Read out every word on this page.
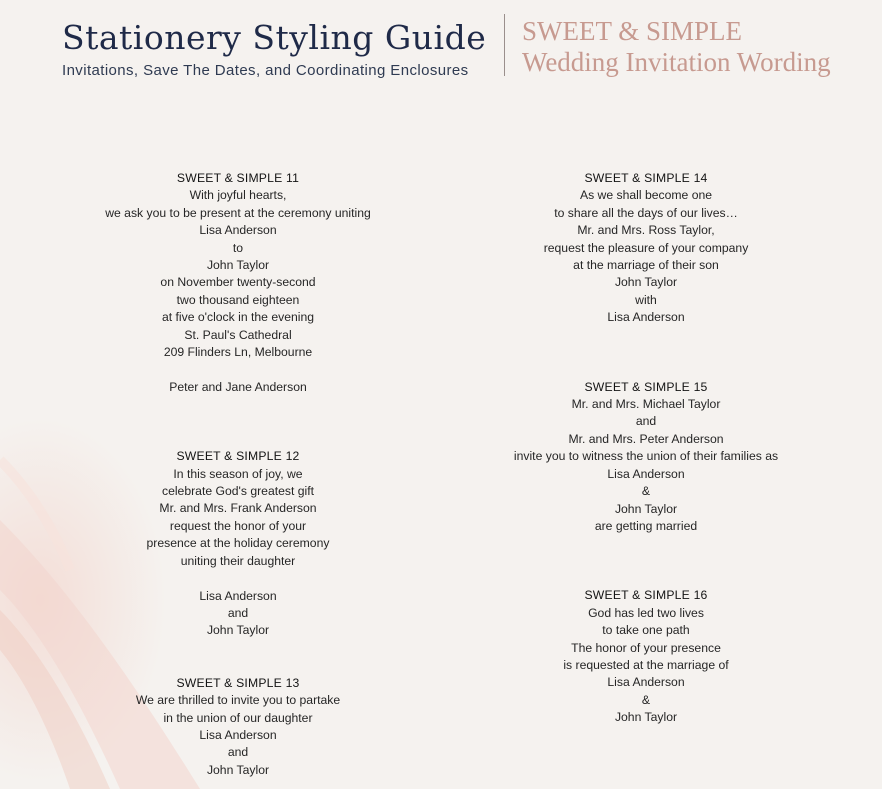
Stationery Styling Guide
Invitations, Save The Dates, and Coordinating Enclosures
SWEET & SIMPLE
Wedding Invitation Wording
SWEET & SIMPLE 11
With joyful hearts,
we ask you to be present at the ceremony uniting
Lisa Anderson
to
John Taylor
on November twenty-second
two thousand eighteen
at five o'clock in the evening
St. Paul's Cathedral
209 Flinders Ln, Melbourne
Peter and Jane Anderson
SWEET & SIMPLE 12
In this season of joy, we
celebrate God's greatest gift
Mr. and Mrs. Frank Anderson
request the honor of your
presence at the holiday ceremony
uniting their daughter
Lisa Anderson
and
John Taylor
SWEET & SIMPLE 13
We are thrilled to invite you to partake
in the union of our daughter
Lisa Anderson
and
John Taylor
SWEET & SIMPLE 14
As we shall become one
to share all the days of our lives…
Mr. and Mrs. Ross Taylor,
request the pleasure of your company
at the marriage of their son
John Taylor
with
Lisa Anderson
SWEET & SIMPLE 15
Mr. and Mrs. Michael Taylor
and
Mr. and Mrs. Peter Anderson
invite you to witness the union of their families as
Lisa Anderson
&
John Taylor
are getting married
SWEET & SIMPLE 16
God has led two lives
to take one path
The honor of your presence
is requested at the marriage of
Lisa Anderson
&
John Taylor
